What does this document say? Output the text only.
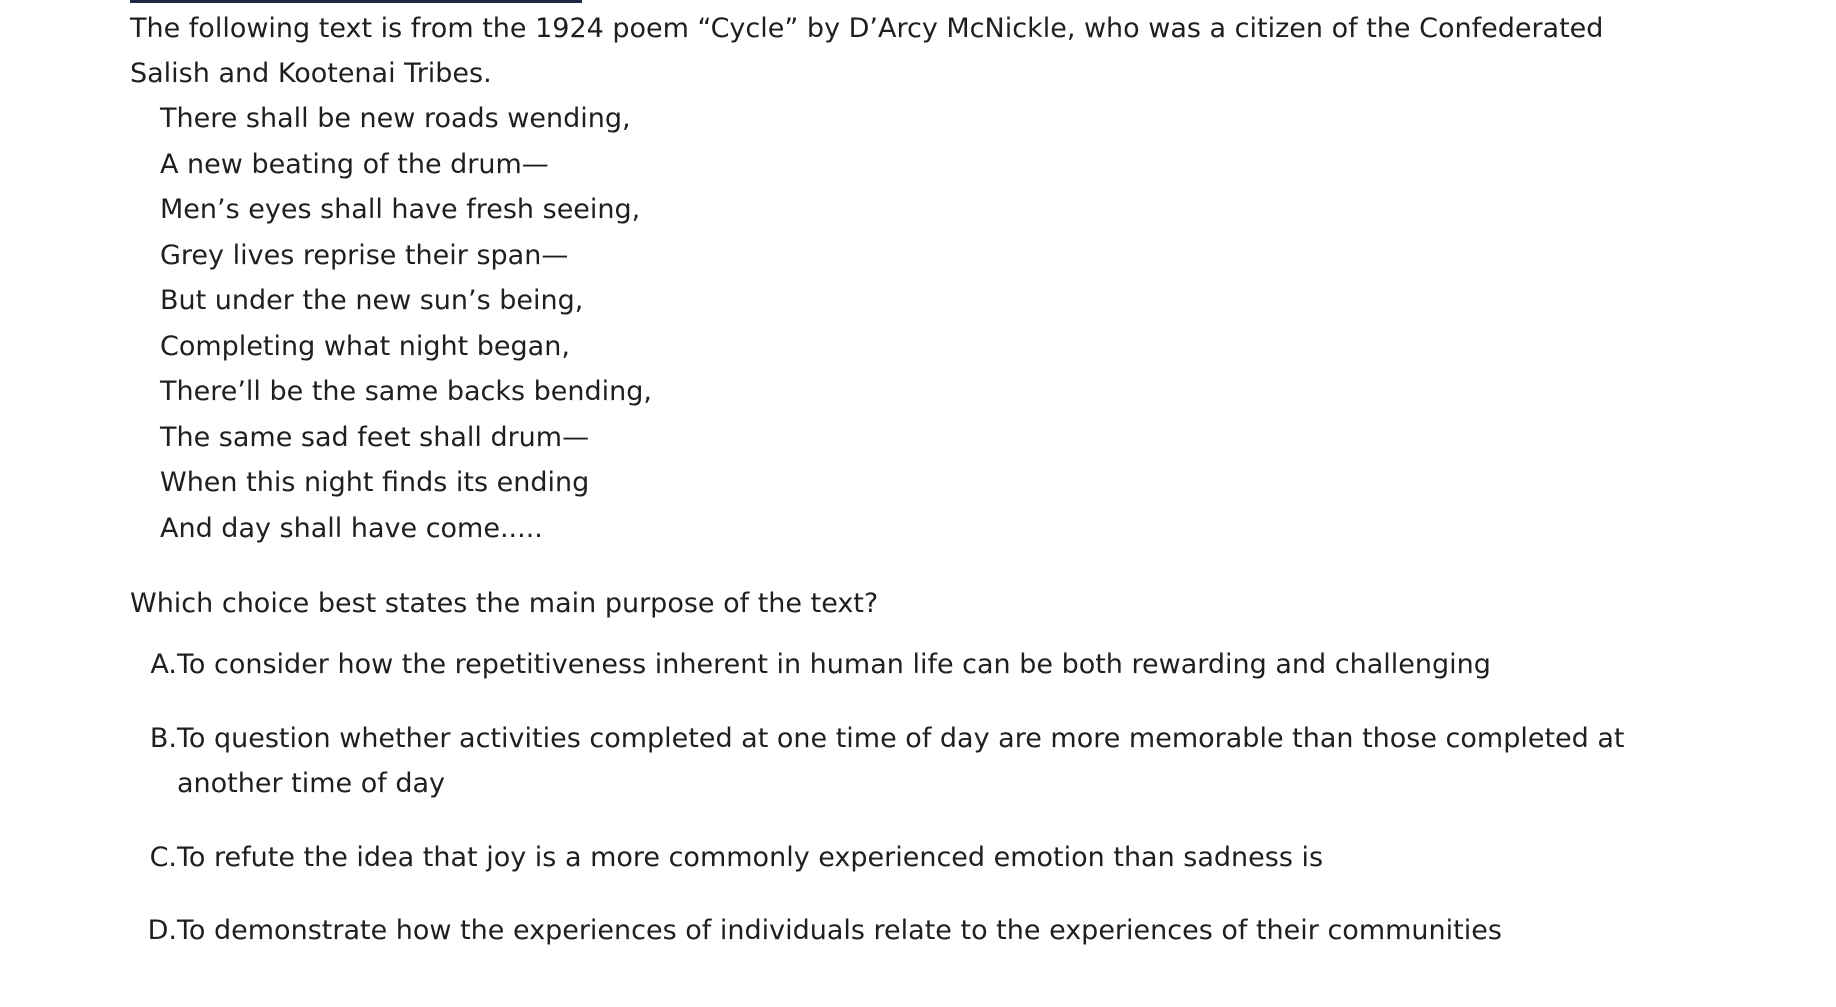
The following text is from the 1924 poem “Cycle” by D’Arcy McNickle, who was a citizen of the Confederated Salish and Kootenai Tribes.

There shall be new roads wending,
A new beating of the drum—
Men’s eyes shall have fresh seeing,
Grey lives reprise their span—
But under the new sun’s being,
Completing what night began,
There’ll be the same backs bending,
The same sad feet shall drum—
When this night finds its ending
And day shall have come.....

Which choice best states the main purpose of the text?

A. To consider how the repetitiveness inherent in human life can be both rewarding and challenging
B. To question whether activities completed at one time of day are more memorable than those completed at another time of day
C. To refute the idea that joy is a more commonly experienced emotion than sadness is
D. To demonstrate how the experiences of individuals relate to the experiences of their communities
